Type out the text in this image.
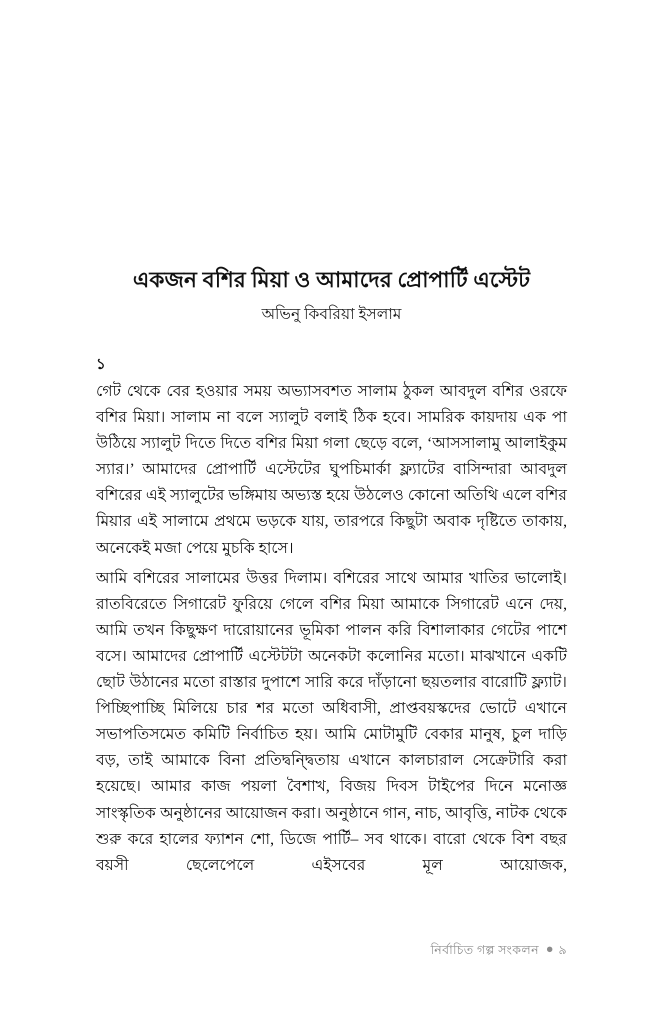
একজন বশির মিয়া ও আমাদের প্রোপার্টি এস্টেট
অভিনু কিবরিয়া ইসলাম
১

গেট থেকে বের হওয়ার সময় অভ্যাসবশত সালাম ঠুকল আবদুল বশির ওরফে বশির মিয়া। সালাম না বলে স্যালুট বলাই ঠিক হবে। সামরিক কায়দায় এক পা উঠিয়ে স্যালুট দিতে দিতে বশির মিয়া গলা ছেড়ে বলে, ‘আসসালামু আলাইকুম স্যার।’ আমাদের প্রোপার্টি এস্টেটের ঘুপচিমার্কা ফ্ল্যাটের বাসিন্দারা আবদুল বশিরের এই স্যালুটের ভঙ্গিমায় অভ্যস্ত হয়ে উঠলেও কোনো অতিথি এলে বশির মিয়ার এই সালামে প্রথমে ভড়কে যায়, তারপরে কিছুটা অবাক দৃষ্টিতে তাকায়, অনেকেই মজা পেয়ে মুচকি হাসে।

আমি বশিরের সালামের উত্তর দিলাম। বশিরের সাথে আমার খাতির ভালোই। রাতবিরেতে সিগারেট ফুরিয়ে গেলে বশির মিয়া আমাকে সিগারেট এনে দেয়, আমি তখন কিছুক্ষণ দারোয়ানের ভূমিকা পালন করি বিশালাকার গেটের পাশে বসে। আমাদের প্রোপার্টি এস্টেটটা অনেকটা কলোনির মতো। মাঝখানে একটি ছোট উঠানের মতো রাস্তার দুপাশে সারি করে দাঁড়ানো ছয়তলার বারোটি ফ্ল্যাট। পিচ্ছিপাচ্ছি মিলিয়ে চার শর মতো অধিবাসী, প্রাপ্তবয়স্কদের ভোটে এখানে সভাপতিসমেত কমিটি নির্বাচিত হয়। আমি মোটামুটি বেকার মানুষ, চুল দাড়ি বড়, তাই আমাকে বিনা প্রতিদ্বন্দ্বিতায় এখানে কালচারাল সেক্রেটারি করা হয়েছে। আমার কাজ পয়লা বৈশাখ, বিজয় দিবস টাইপের দিনে মনোজ্ঞ সাংস্কৃতিক অনুষ্ঠানের আয়োজন করা। অনুষ্ঠানে গান, নাচ, আবৃত্তি, নাটক থেকে শুরু করে হালের ফ্যাশন শো, ডিজে পার্টি– সব থাকে। বারো থেকে বিশ বছর বয়সী ছেলেপেলে এইসবের মূল আয়োজক,

নির্বাচিত গল্প সংকলন ● ৯
